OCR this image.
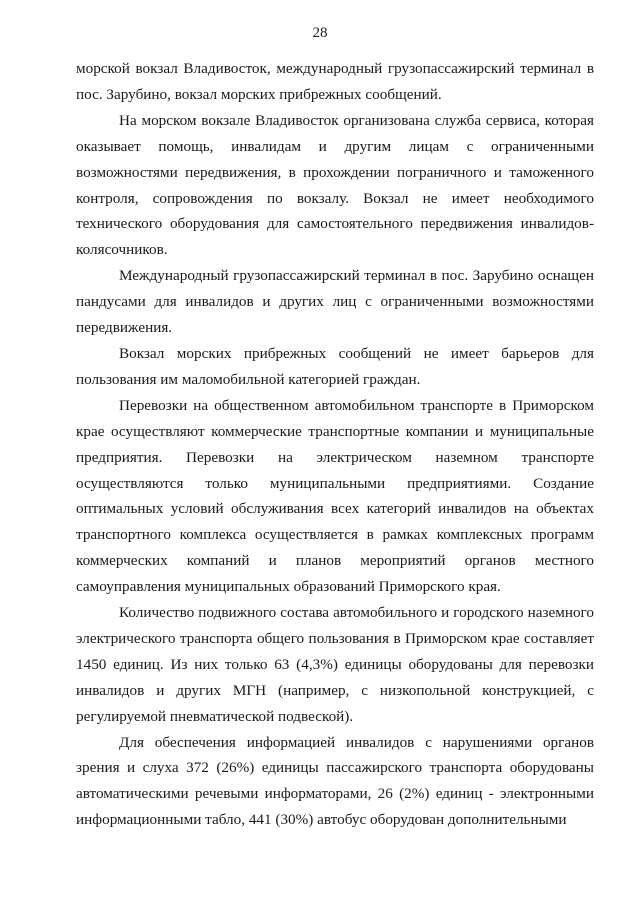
28

морской вокзал Владивосток, международный грузопассажирский терминал в пос. Зарубино, вокзал морских прибрежных сообщений.

На морском вокзале Владивосток организована служба сервиса, которая оказывает помощь, инвалидам и другим лицам с ограниченными возможностями передвижения, в прохождении пограничного и таможенного контроля, сопровождения по вокзалу. Вокзал не имеет необходимого технического оборудования для самостоятельного передвижения инвалидов-колясочников.

Международный грузопассажирский терминал в пос. Зарубино оснащен пандусами для инвалидов и других лиц с ограниченными возможностями передвижения.

Вокзал морских прибрежных сообщений не имеет барьеров для пользования им маломобильной категорией граждан.

Перевозки на общественном автомобильном транспорте в Приморском крае осуществляют коммерческие транспортные компании и муниципальные предприятия. Перевозки на электрическом наземном транспорте осуществляются только муниципальными предприятиями. Создание оптимальных условий обслуживания всех категорий инвалидов на объектах транспортного комплекса осуществляется в рамках комплексных программ коммерческих компаний и планов мероприятий органов местного самоуправления муниципальных образований Приморского края.

Количество подвижного состава автомобильного и городского наземного электрического транспорта общего пользования в Приморском крае составляет 1450 единиц. Из них только 63 (4,3%) единицы оборудованы для перевозки инвалидов и других МГН (например, с низкопольной конструкцией, с регулируемой пневматической подвеской).

Для обеспечения информацией инвалидов с нарушениями органов зрения и слуха 372 (26%) единицы пассажирского транспорта оборудованы автоматическими речевыми информаторами, 26 (2%) единиц - электронными информационными табло, 441 (30%) автобус оборудован дополнительными
